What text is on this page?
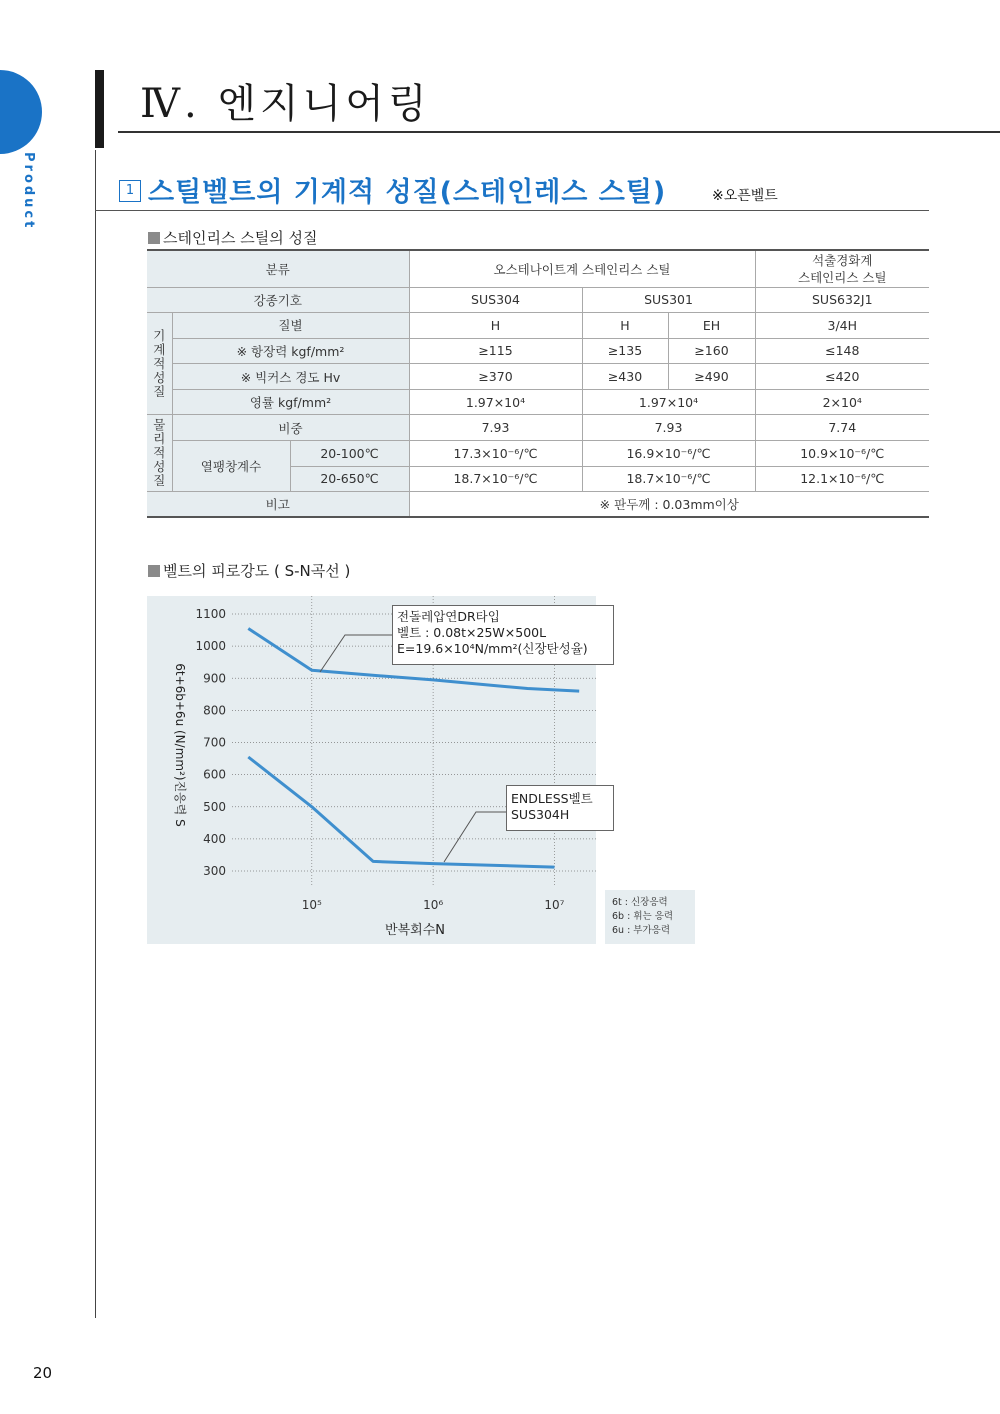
Product
Ⅳ. 엔지니어링
1 스틸벨트의 기계적 성질(스테인레스 스틸)	※오픈벨트
스테인리스 스틸의 성질
분류			오스테나이트계 스테인리스 스틸			석출경화계
스테인리스 스틸

강종기호			SUS304	SUS301		SUS632J1

기
계
적
성
질	질별		H	H	EH	3/4H
	※ 항장력 kgf/mm²		≥115	≥135	≥160	≤148
	※ 빅커스 경도 Hv		≥370	≥430	≥490	≤420
	영률 kgf/mm²		1.97×10⁴	1.97×10⁴		2×10⁴

물
리
적
성
질	비중		7.93	7.93		7.74
	열팽창계수	20-100℃	17.3×10⁻⁶/℃	16.9×10⁻⁶/℃		10.9×10⁻⁶/℃
		20-650℃	18.7×10⁻⁶/℃	18.7×10⁻⁶/℃		12.1×10⁻⁶/℃
비고			※ 판두께 : 0.03mm이상			
벨트의 피로강도 ( S-N곡선 )
6t : 신장응력
6b : 휘는 응력
6u : 부가응력
300
400
500
600
700
800
900
1000
1100
10⁵	10⁶	10⁷
반복회수N
6t+6b+6u (N/mm²)진응력 S
전돌레압연DR타입
벨트 : 0.08t×25W×500L
E=19.6×10⁴N/mm²(신장탄성율)
ENDLESS벨트
SUS304H
20
